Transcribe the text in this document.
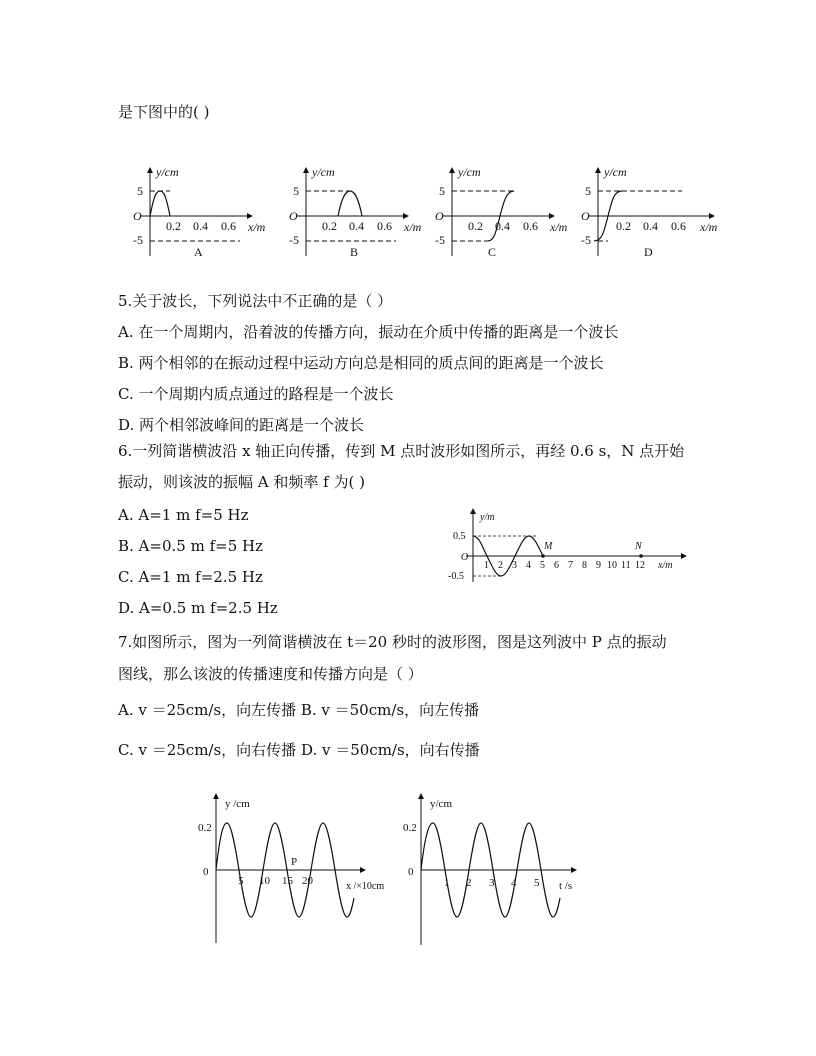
是下图中的( )
y/cm
O
5
-5
0.2 0.4 0.6 x/m
A
y/cm
O
5
-5
0.2 0.4 0.6 x/m
B
y/cm
O
5
-5
0.2 0.4 0.6 x/m
C
y/cm
O
5
-5
0.2 0.4 0.6 x/m
D
5.关于波长，下列说法中不正确的是（ ）
A. 在一个周期内，沿着波的传播方向，振动在介质中传播的距离是一个波长
B. 两个相邻的在振动过程中运动方向总是相同的质点间的距离是一个波长
C. 一个周期内质点通过的路程是一个波长
D. 两个相邻波峰间的距离是一个波长
6.一列简谐横波沿 x 轴正向传播，传到 M 点时波形如图所示，再经 0.6 s，N 点开始
振动，则该波的振幅 A 和频率 f 为( )
A. A=1 m f=5 Hz
B. A=0.5 m f=5 Hz
C. A=1 m f=2.5 Hz
D. A=0.5 m f=2.5 Hz
y/m
0.5
O
-0.5
M	N
1 2 3 4 5 6 7 8 9 10 11 12 x/m
7.如图所示，图为一列简谐横波在 t＝20 秒时的波形图，图是这列波中 P 点的振动
图线，那么该波的传播速度和传播方向是（ ）
A. v ＝25cm/s，向左传播 B. v ＝50cm/s，向左传播
C. v ＝25cm/s，向右传播 D. v ＝50cm/s，向右传播
y /cm
0.2
0
5 10 15 20
P
x /×10cm
y/cm
0.2
0
1 2 3 4 5 t /s
